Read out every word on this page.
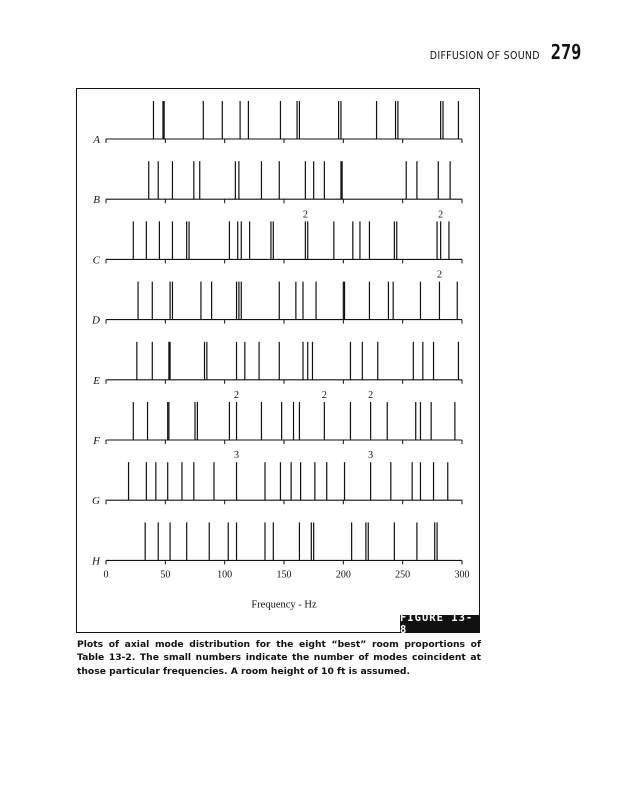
DIFFUSION OF SOUND 279
A
B
C
2	2
D
2
E
F
2	2	2
G
3	3
H
0	50	100	150	200	250	300
Frequency - Hz
FIGURE 13-8
Plots of axial mode distribution for the eight “best” room proportions of Table 13-2. The small numbers indicate the number of modes coincident at those particular frequencies. A room height of 10 ft is assumed.
